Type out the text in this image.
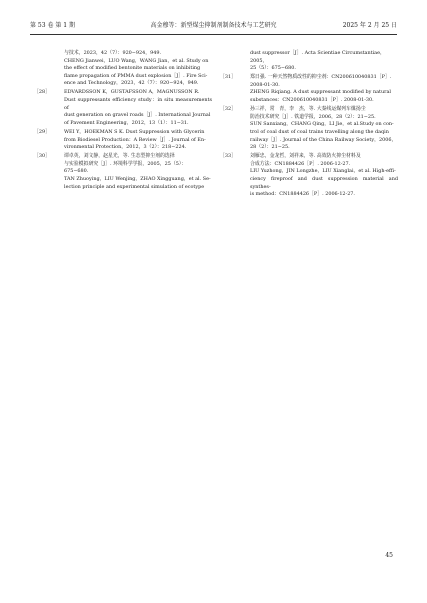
第 53 卷 第 1 期	高金穆等：新型煤尘抑制剂制备技术与工艺研究	2025 年 2 月 25 日
与技术，2023，42（7）：920−924，949.
CHENG Jianwei，LUO Wang，WANG Jian，et al. Study on
the effect of modified bentonite materials on inhibiting
flame propagation of PMMA dust explosion［J］. Fire Sci-
ence and Technology，2023，42（7）：920−924，949.
［28］	EDVARDSSON K，GUSTAFSSON A，MAGNUSSON R.
Dust suppressants efficiency study：in situ measurements of
dust generation on gravel roads［J］. International Journal
of Pavement Engineering，2012，13（1）：11−31.
［29］	WEI Y，HOEKMAN S K. Dust Suppression with Glycerin
from Biodiesel Production：A Review［J］. Journal of En-
vironmental Protection，2012，3（2）：218−224.
［30］	谭卓英，刘文静，赵星光，等. 生态型抑尘剂的选择
与实验模拟研究［J］. 环境科学学报，2005，25（5）：
675−680.
TAN Zhuoying，LIU Wenjing，ZHAO Xingguang，et al. Se-
lection principle and experimental simulation of ecotype
dust suppressor［J］. Acta Scientiae Circumstantiae，2005，
25（5）：675−680.
［31］	郑日强. 一种天然物质改性的抑尘剂：CN200610040831［P］.
2008-01-30.
ZHENG Riqiang. A dust suppressant modified by natural
substances：CN200610040831［P］. 2008-01-30.
［32］	孙三祥，常　青，李　杰，等. 大秦线运煤列车煤扬尘
防治技术研究［J］. 铁道学报，2006，28（2）：21−25.
SUN Sanxiang，CHANG Qing，LI Jie，et al.Study on con-
trol of coal dust of coal trains travelling along the daqin
railway［J］. Journal of the China Railway Society，2006，
28（2）：21−25.
［33］	刘雁忠，金龙哲，刘祥来，等. 高效防火抑尘材料及
合成方法：CN1884426［P］. 2006-12-27.
LIU Yuzhong，JIN Longzhe，LIU Xianglai，et al. High-effi-
ciency fireproof and dust suppression material and synthes-
is method：CN1884426［P］. 2006-12-27.
45
